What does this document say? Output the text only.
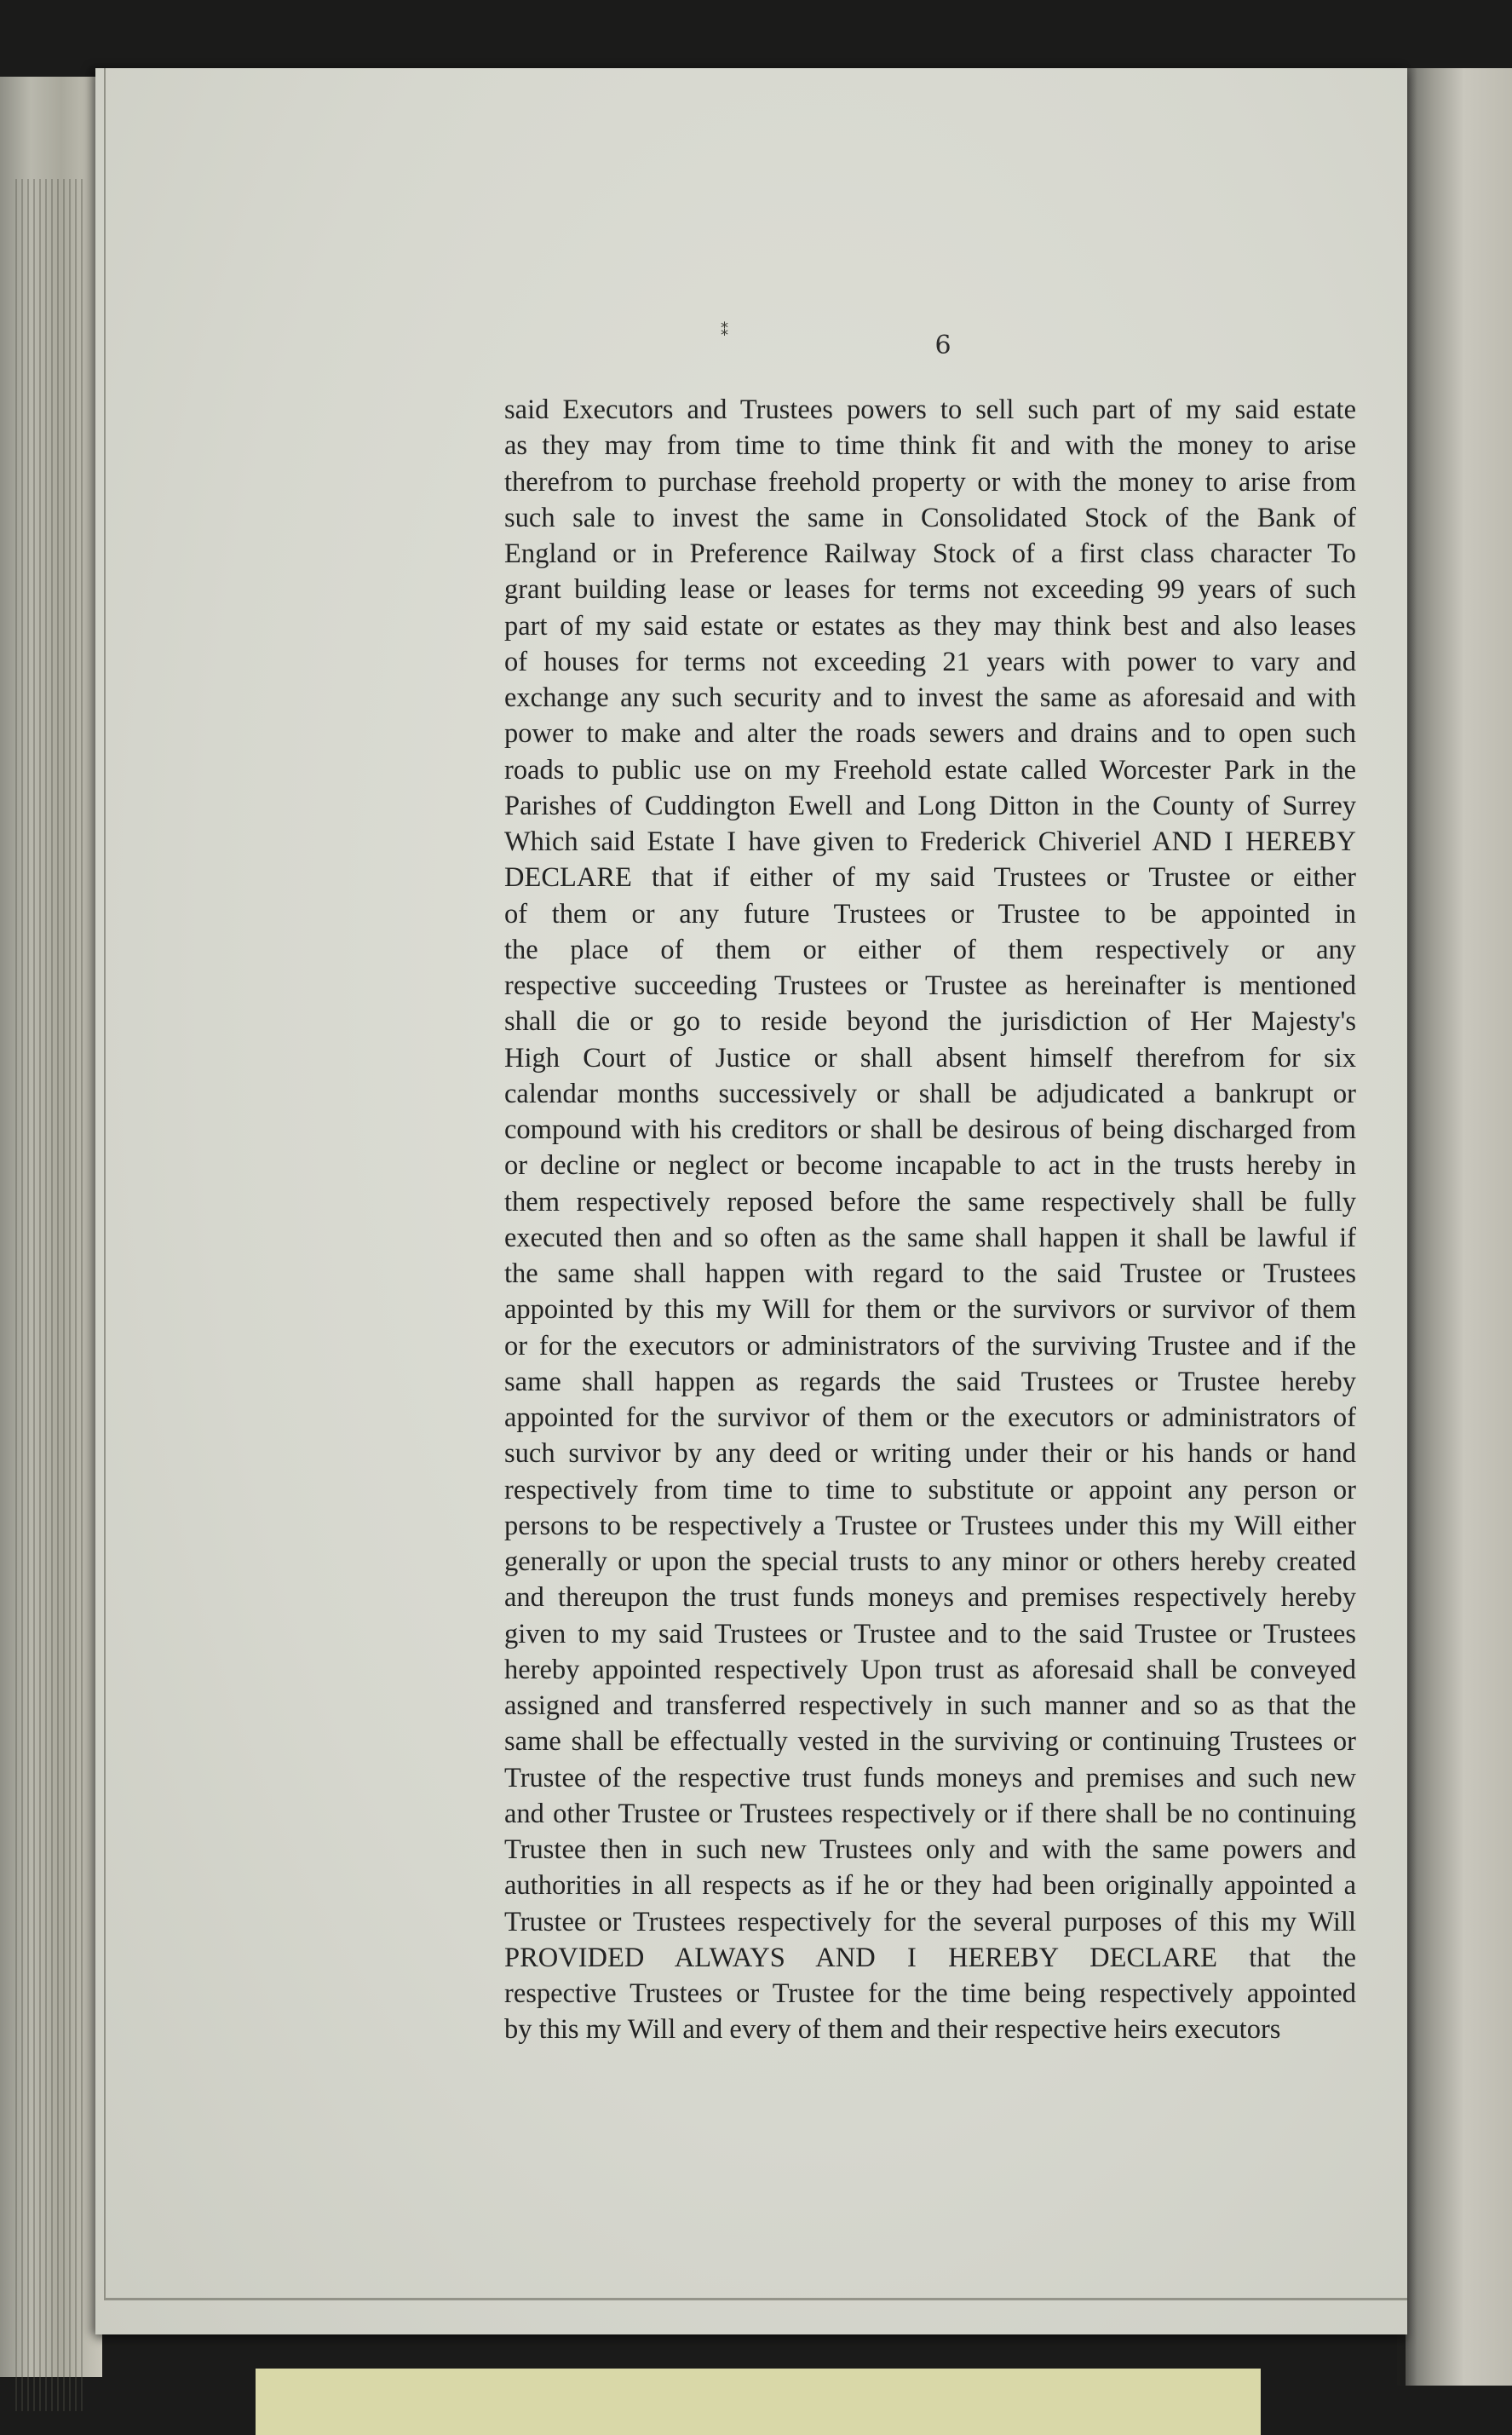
⁑	6
said Executors and Trustees powers to sell such part of my said estate
as they may from time to time think fit and with the money to arise
therefrom to purchase freehold property or with the money to arise from
such sale to invest the same in Consolidated Stock of the Bank of
England or in Preference Railway Stock of a first class character To
grant building lease or leases for terms not exceeding 99 years of such
part of my said estate or estates as they may think best and also leases
of houses for terms not exceeding 21 years with power to vary and
exchange any such security and to invest the same as aforesaid and with
power to make and alter the roads sewers and drains and to open such
roads to public use on my Freehold estate called Worcester Park in the
Parishes of Cuddington Ewell and Long Ditton in the County of Surrey
Which said Estate I have given to Frederick Chiveriel AND I HEREBY
DECLARE that if either of my said Trustees or Trustee or either
of them or any future Trustees or Trustee to be appointed in
the place of them or either of them respectively or any
respective succeeding Trustees or Trustee as hereinafter is mentioned
shall die or go to reside beyond the jurisdiction of Her Majesty's
High Court of Justice or shall absent himself therefrom for six
calendar months successively or shall be adjudicated a bankrupt or
compound with his creditors or shall be desirous of being discharged from
or decline or neglect or become incapable to act in the trusts hereby in
them respectively reposed before the same respectively shall be fully
executed then and so often as the same shall happen it shall be lawful if
the same shall happen with regard to the said Trustee or Trustees
appointed by this my Will for them or the survivors or survivor of them
or for the executors or administrators of the surviving Trustee and if the
same shall happen as regards the said Trustees or Trustee hereby
appointed for the survivor of them or the executors or administrators of
such survivor by any deed or writing under their or his hands or hand
respectively from time to time to substitute or appoint any person or
persons to be respectively a Trustee or Trustees under this my Will either
generally or upon the special trusts to any minor or others hereby created
and thereupon the trust funds moneys and premises respectively hereby
given to my said Trustees or Trustee and to the said Trustee or Trustees
hereby appointed respectively Upon trust as aforesaid shall be conveyed
assigned and transferred respectively in such manner and so as that the
same shall be effectually vested in the surviving or continuing Trustees or
Trustee of the respective trust funds moneys and premises and such new
and other Trustee or Trustees respectively or if there shall be no continuing
Trustee then in such new Trustees only and with the same powers and
authorities in all respects as if he or they had been originally appointed a
Trustee or Trustees respectively for the several purposes of this my Will
PROVIDED ALWAYS AND I HEREBY DECLARE that the
respective Trustees or Trustee for the time being respectively appointed
by this my Will and every of them and their respective heirs executors
